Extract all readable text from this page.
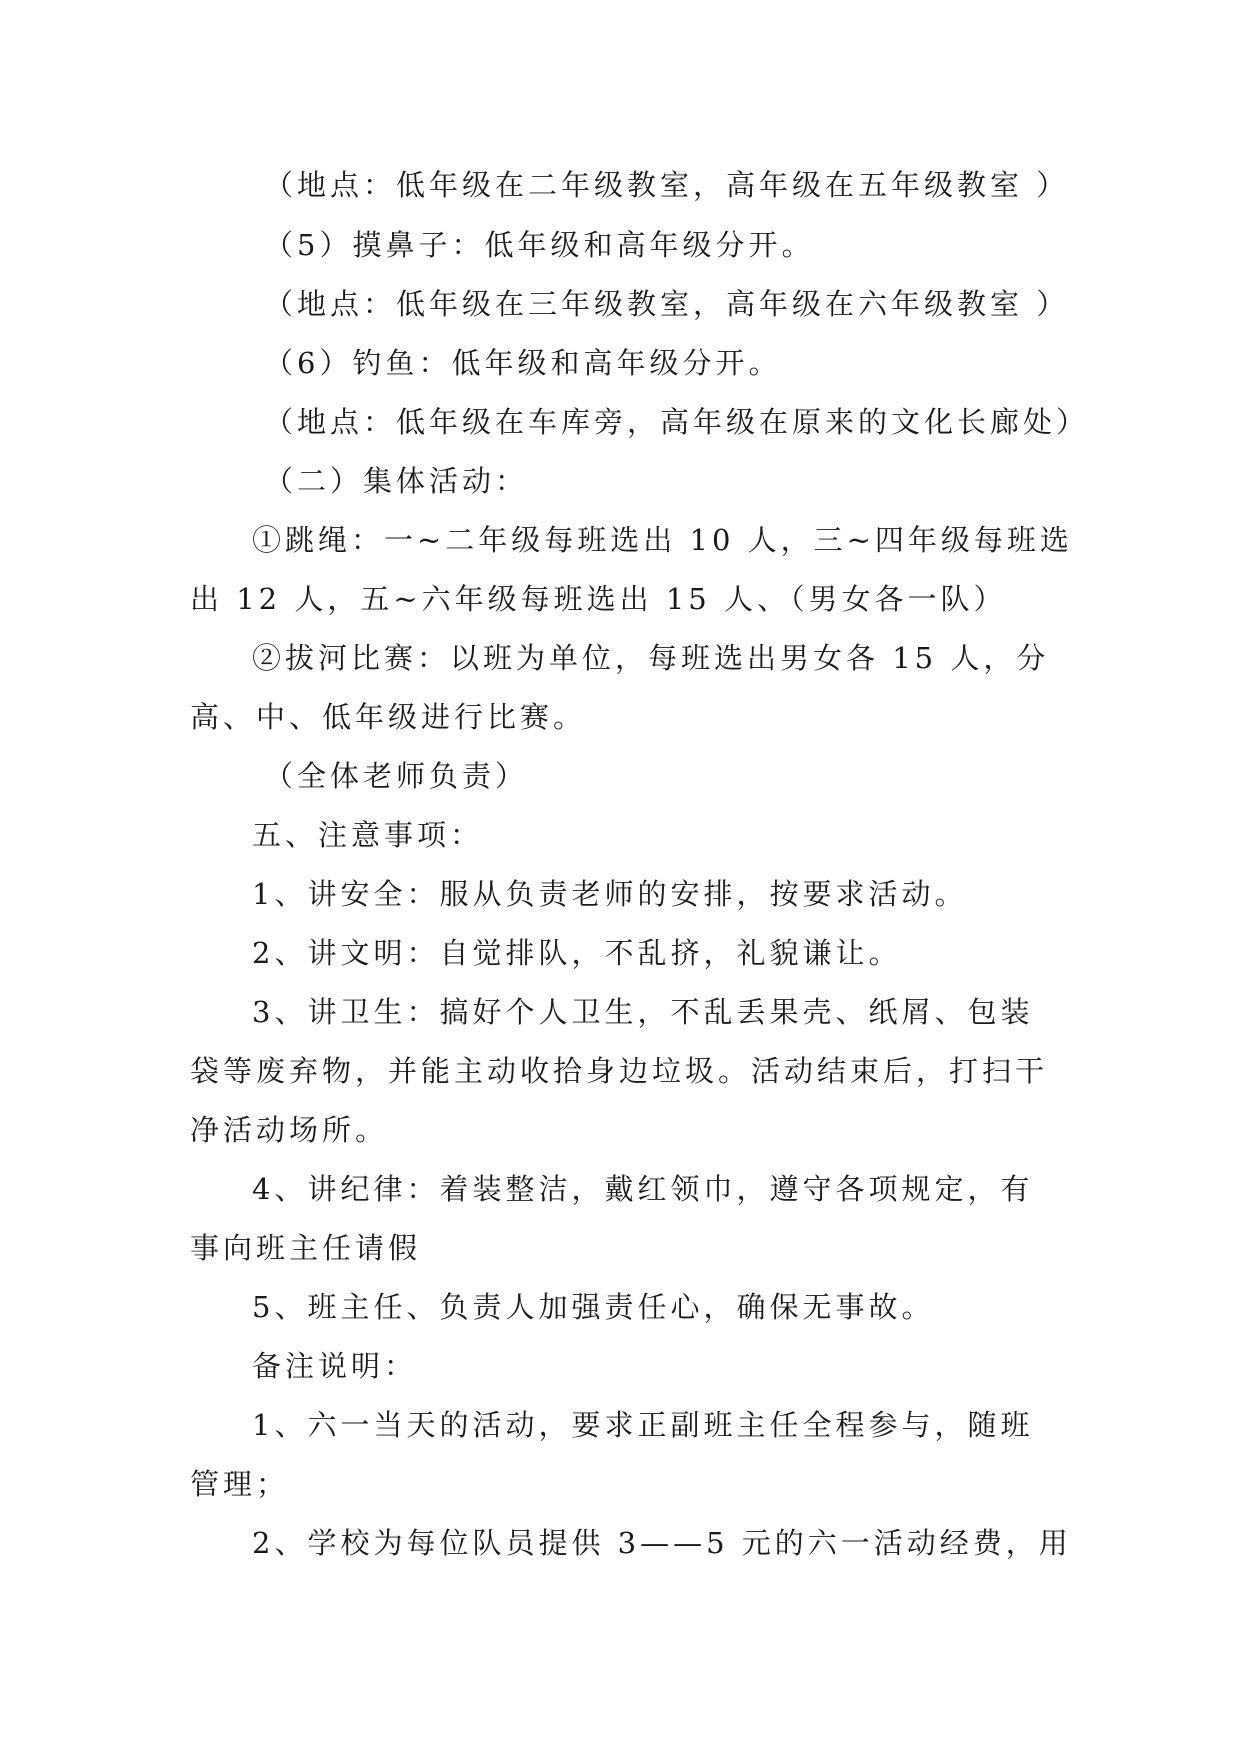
（地点：低年级在二年级教室，高年级在五年级教室 ）
（5）摸鼻子：低年级和高年级分开。
（地点：低年级在三年级教室，高年级在六年级教室 ）
（6）钓鱼：低年级和高年级分开。
（地点：低年级在车库旁，高年级在原来的文化长廊处）
（二）集体活动：
①跳绳：一~二年级每班选出 10 人，三~四年级每班选
出 12 人，五~六年级每班选出 15 人、（男女各一队）
②拔河比赛：以班为单位，每班选出男女各 15 人，分
高、中、低年级进行比赛。
（全体老师负责）
五、注意事项：
1、讲安全：服从负责老师的安排，按要求活动。
2、讲文明：自觉排队，不乱挤，礼貌谦让。
3、讲卫生：搞好个人卫生，不乱丢果壳、纸屑、包装
袋等废弃物，并能主动收拾身边垃圾。活动结束后，打扫干
净活动场所。
4、讲纪律：着装整洁，戴红领巾，遵守各项规定，有
事向班主任请假
5、班主任、负责人加强责任心，确保无事故。
备注说明：
1、六一当天的活动，要求正副班主任全程参与，随班
管理；
2、学校为每位队员提供 3——5 元的六一活动经费，用
